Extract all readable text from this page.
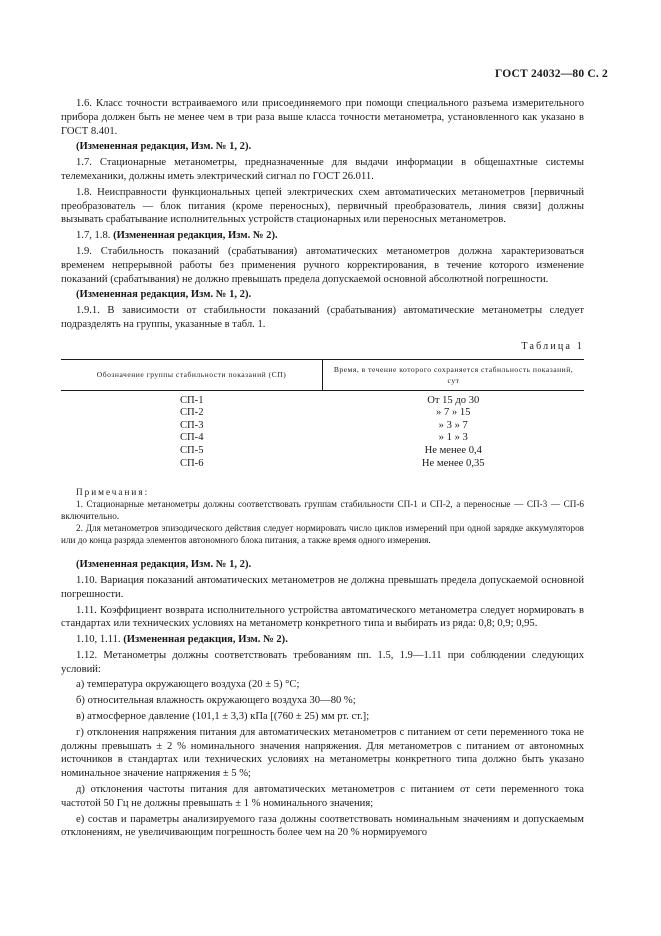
ГОСТ 24032—80 С. 2

1.6. Класс точности встраиваемого или присоединяемого при помощи специального разъема измерительного прибора должен быть не менее чем в три раза выше класса точности метанометра, установленного как указано в ГОСТ 8.401.

(Измененная редакция, Изм. № 1, 2).

1.7. Стационарные метанометры, предназначенные для выдачи информации в общешахтные системы телемеханики, должны иметь электрический сигнал по ГОСТ 26.011.

1.8. Неисправности функциональных цепей электрических схем автоматических метанометров [первичный преобразователь — блок питания (кроме переносных), первичный преобразователь, линия связи] должны вызывать срабатывание исполнительных устройств стационарных или переносных метанометров.

1.7, 1.8. (Измененная редакция, Изм. № 2).

1.9. Стабильность показаний (срабатывания) автоматических метанометров должна характеризоваться временем непрерывной работы без применения ручного корректирования, в течение которого изменение показаний (срабатывания) не должно превышать предела допускаемой основной абсолютной погрешности.

(Измененная редакция, Изм. № 1, 2).

1.9.1. В зависимости от стабильности показаний (срабатывания) автоматические метанометры следует подразделять на группы, указанные в табл. 1.

Таблица 1
Обозначение группы стабильности показаний (СП)	Время, в течение которого сохраняется стабильность показаний, сут
СП-1	От 15 до 30
СП-2	» 7 » 15
СП-3	» 3 » 7
СП-4	» 1 » 3
СП-5	Не менее 0,4
СП-6	Не менее 0,35
Примечания:

1. Стационарные метанометры должны соответствовать группам стабильности СП-1 и СП-2, а переносные — СП-3 — СП-6 включительно.

2. Для метанометров эпизодического действия следует нормировать число циклов измерений при одной зарядке аккумуляторов или до конца разряда элементов автономного блока питания, а также время одного измерения.

(Измененная редакция, Изм. № 1, 2).

1.10. Вариация показаний автоматических метанометров не должна превышать предела допускаемой основной погрешности.

1.11. Коэффициент возврата исполнительного устройства автоматического метанометра следует нормировать в стандартах или технических условиях на метанометр конкретного типа и выбирать из ряда: 0,8; 0,9; 0,95.

1.10, 1.11. (Измененная редакция, Изм. № 2).

1.12. Метанометры должны соответствовать требованиям пп. 1.5, 1.9—1.11 при соблюдении следующих условий:

а) температура окружающего воздуха (20 ± 5) °С;

б) относительная влажность окружающего воздуха 30—80 %;

в) атмосферное давление (101,1 ± 3,3) кПа [(760 ± 25) мм рт. ст.];

г) отклонения напряжения питания для автоматических метанометров с питанием от сети переменного тока не должны превышать ± 2 % номинального значения напряжения. Для метанометров с питанием от автономных источников в стандартах или технических условиях на метанометры конкретного типа должно быть указано номинальное значение напряжения ± 5 %;

д) отклонения частоты питания для автоматических метанометров с питанием от сети переменного тока частотой 50 Гц не должны превышать ± 1 % номинального значения;

е) состав и параметры анализируемого газа должны соответствовать номинальным значениям и допускаемым отклонениям, не увеличивающим погрешность более чем на 20 % нормируемого
